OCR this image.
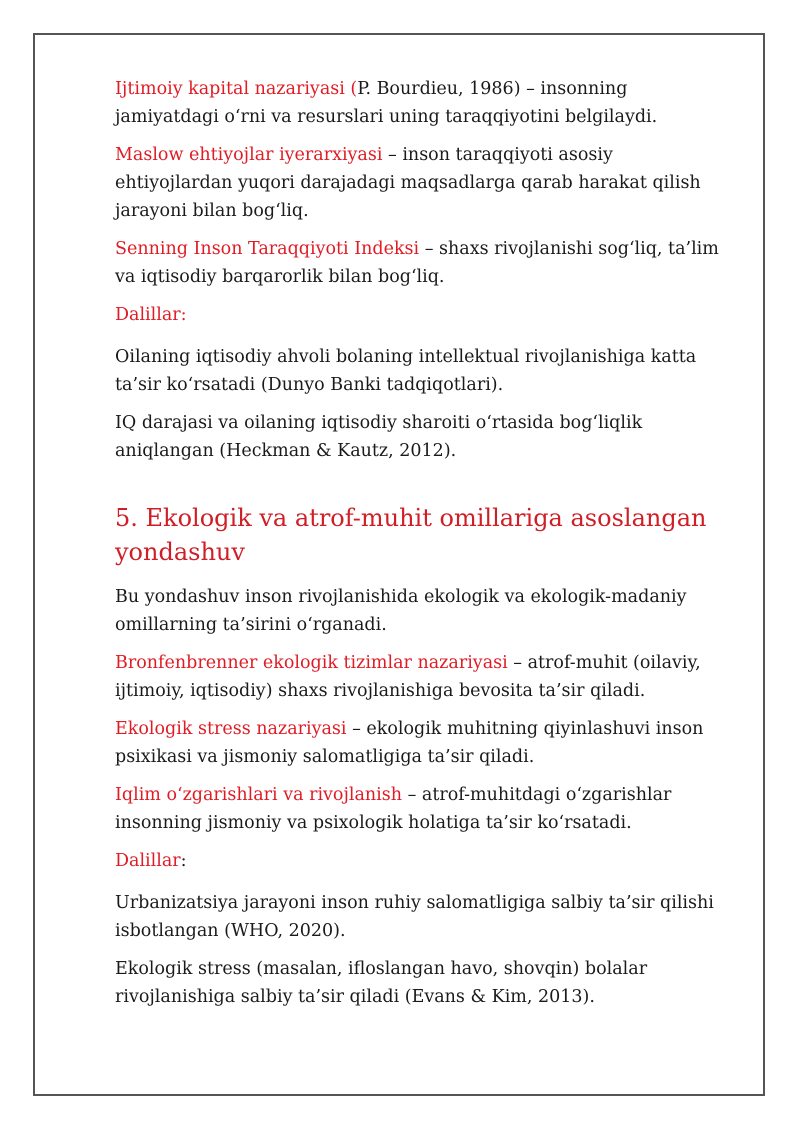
Ijtimoiy kapital nazariyasi (P. Bourdieu, 1986) – insonning jamiyatdagi o‘rni va resurslari uning taraqqiyotini belgilaydi.

Maslow ehtiyojlar iyerarxiyasi – inson taraqqiyoti asosiy ehtiyojlardan yuqori darajadagi maqsadlarga qarab harakat qilish jarayoni bilan bog‘liq.

Senning Inson Taraqqiyoti Indeksi – shaxs rivojlanishi sog‘liq, ta’lim va iqtisodiy barqarorlik bilan bog‘liq.

Dalillar:

Oilaning iqtisodiy ahvoli bolaning intellektual rivojlanishiga katta ta’sir ko‘rsatadi (Dunyo Banki tadqiqotlari).

IQ darajasi va oilaning iqtisodiy sharoiti o‘rtasida bog‘liqlik aniqlangan (Heckman & Kautz, 2012).

5. Ekologik va atrof-muhit omillariga asoslangan yondashuv

Bu yondashuv inson rivojlanishida ekologik va ekologik-madaniy omillarning ta’sirini o‘rganadi.

Bronfenbrenner ekologik tizimlar nazariyasi – atrof-muhit (oilaviy, ijtimoiy, iqtisodiy) shaxs rivojlanishiga bevosita ta’sir qiladi.

Ekologik stress nazariyasi – ekologik muhitning qiyinlashuvi inson psixikasi va jismoniy salomatligiga ta’sir qiladi.

Iqlim o‘zgarishlari va rivojlanish – atrof-muhitdagi o‘zgarishlar insonning jismoniy va psixologik holatiga ta’sir ko‘rsatadi.

Dalillar:

Urbanizatsiya jarayoni inson ruhiy salomatligiga salbiy ta’sir qilishi isbotlangan (WHO, 2020).

Ekologik stress (masalan, ifloslangan havo, shovqin) bolalar rivojlanishiga salbiy ta’sir qiladi (Evans & Kim, 2013).
